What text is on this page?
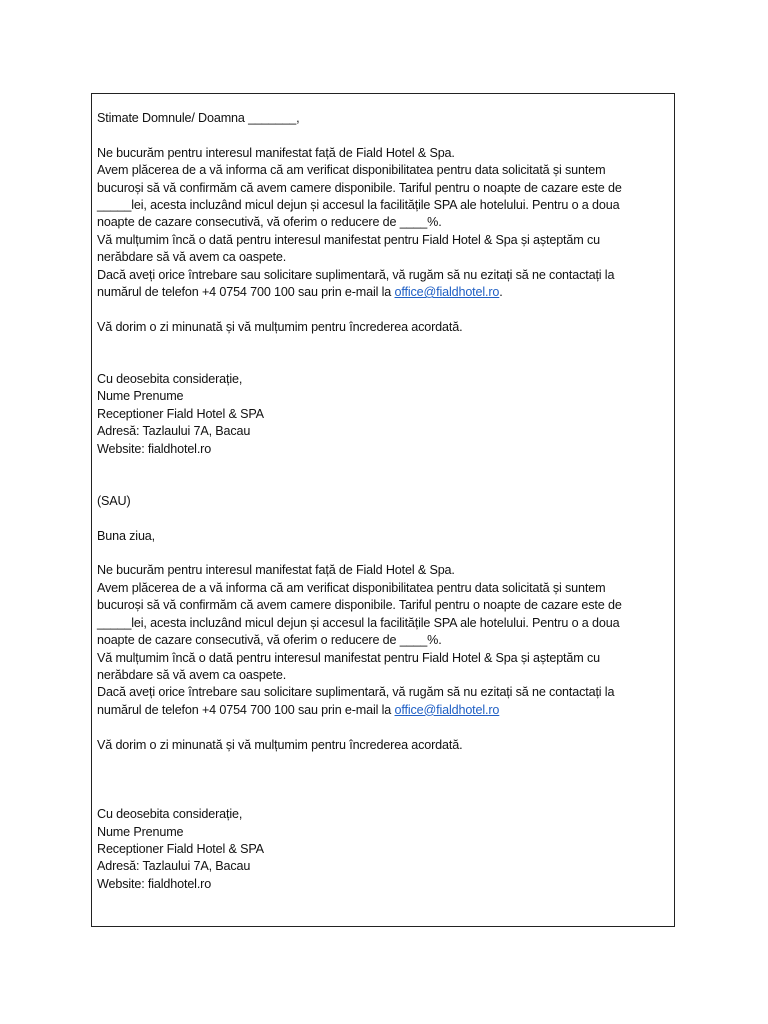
Stimate Domnule/ Doamna _______,

Ne bucurăm pentru interesul manifestat față de Fiald Hotel & Spa.

Avem plăcerea de a vă informa că am verificat disponibilitatea pentru data solicitată și suntem

bucuroși să vă confirmăm că avem camere disponibile. Tariful pentru o noapte de cazare este de

_____lei, acesta incluzând micul dejun și accesul la facilitățile SPA ale hotelului. Pentru o a doua

noapte de cazare consecutivă, vă oferim o reducere de ____%.

Vă mulțumim încă o dată pentru interesul manifestat pentru Fiald Hotel & Spa și așteptăm cu

nerăbdare să vă avem ca oaspete.

Dacă aveți orice întrebare sau solicitare suplimentară, vă rugăm să nu ezitați să ne contactați la

numărul de telefon +4 0754 700 100 sau prin e-mail la office@fialdhotel.ro.

Vă dorim o zi minunată și vă mulțumim pentru încrederea acordată.

Cu deosebita considerație,

Nume Prenume

Receptioner Fiald Hotel & SPA

Adresă: Tazlaului 7A, Bacau

Website: fialdhotel.ro

(SAU)

Buna ziua,

Ne bucurăm pentru interesul manifestat față de Fiald Hotel & Spa.

Avem plăcerea de a vă informa că am verificat disponibilitatea pentru data solicitată și suntem

bucuroși să vă confirmăm că avem camere disponibile. Tariful pentru o noapte de cazare este de

_____lei, acesta incluzând micul dejun și accesul la facilitățile SPA ale hotelului. Pentru o a doua

noapte de cazare consecutivă, vă oferim o reducere de ____%.

Vă mulțumim încă o dată pentru interesul manifestat pentru Fiald Hotel & Spa și așteptăm cu

nerăbdare să vă avem ca oaspete.

Dacă aveți orice întrebare sau solicitare suplimentară, vă rugăm să nu ezitați să ne contactați la

numărul de telefon +4 0754 700 100 sau prin e-mail la office@fialdhotel.ro

Vă dorim o zi minunată și vă mulțumim pentru încrederea acordată.

Cu deosebita considerație,

Nume Prenume

Receptioner Fiald Hotel & SPA

Adresă: Tazlaului 7A, Bacau

Website: fialdhotel.ro
